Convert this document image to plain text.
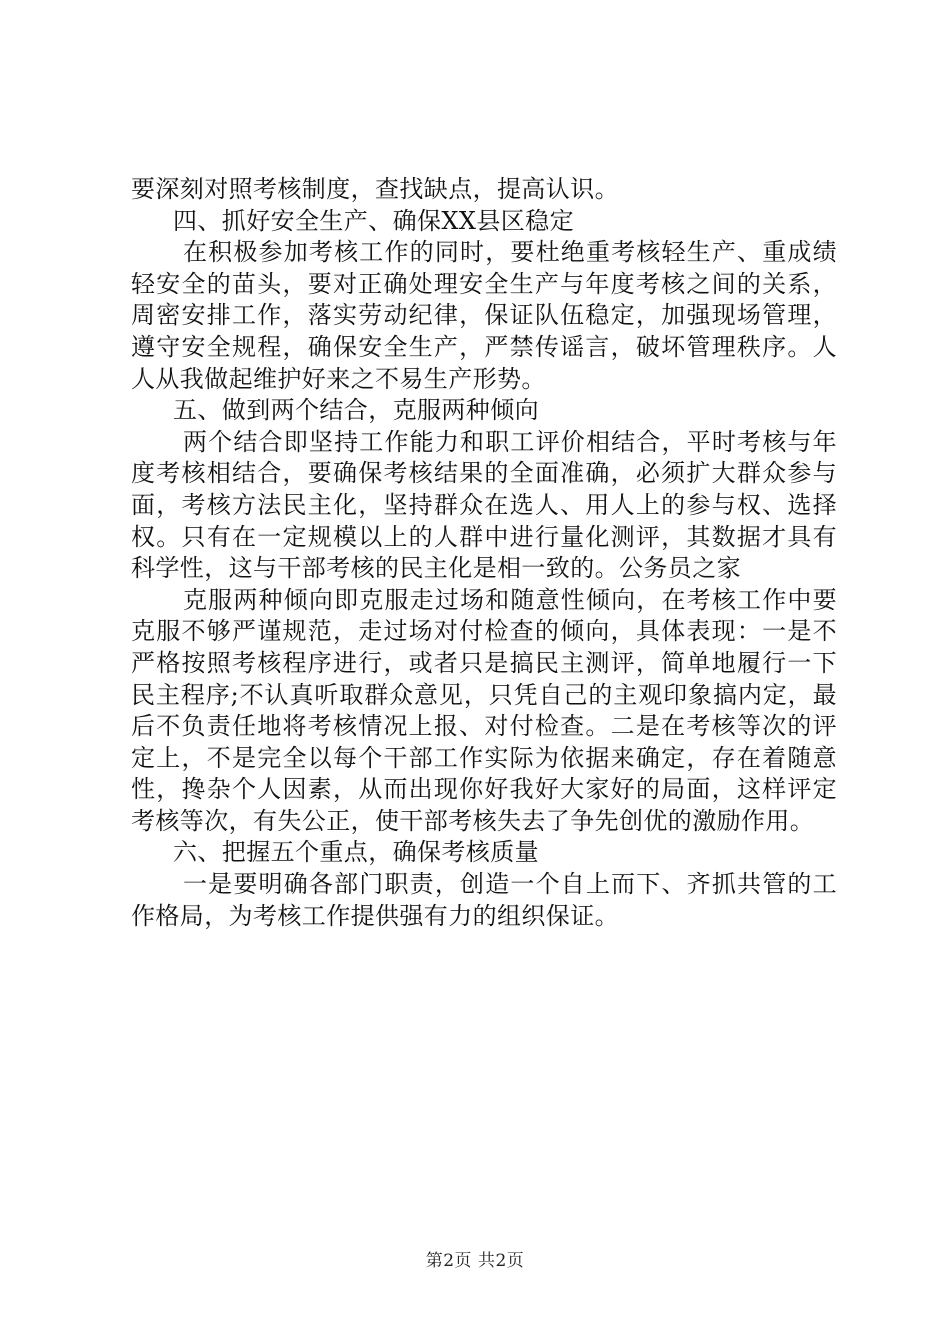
要深刻对照考核制度，查找缺点，提高认识。

四、抓好安全生产、确保XX县区稳定

在积极参加考核工作的同时，要杜绝重考核轻生产、重成绩轻安全的苗头，要对正确处理安全生产与年度考核之间的关系，周密安排工作，落实劳动纪律，保证队伍稳定，加强现场管理，遵守安全规程，确保安全生产，严禁传谣言，破坏管理秩序。人人从我做起维护好来之不易生产形势。

五、做到两个结合，克服两种倾向

两个结合即坚持工作能力和职工评价相结合，平时考核与年度考核相结合，要确保考核结果的全面准确，必须扩大群众参与面，考核方法民主化，坚持群众在选人、用人上的参与权、选择权。只有在一定规模以上的人群中进行量化测评，其数据才具有科学性，这与干部考核的民主化是相一致的。公务员之家

克服两种倾向即克服走过场和随意性倾向，在考核工作中要克服不够严谨规范，走过场对付检查的倾向，具体表现：一是不严格按照考核程序进行，或者只是搞民主测评，简单地履行一下民主程序;不认真听取群众意见，只凭自己的主观印象搞内定，最后不负责任地将考核情况上报、对付检查。二是在考核等次的评定上，不是完全以每个干部工作实际为依据来确定，存在着随意性，搀杂个人因素，从而出现你好我好大家好的局面，这样评定考核等次，有失公正，使干部考核失去了争先创优的激励作用。

六、把握五个重点，确保考核质量

一是要明确各部门职责，创造一个自上而下、齐抓共管的工作格局，为考核工作提供强有力的组织保证。

第2页 共2页
